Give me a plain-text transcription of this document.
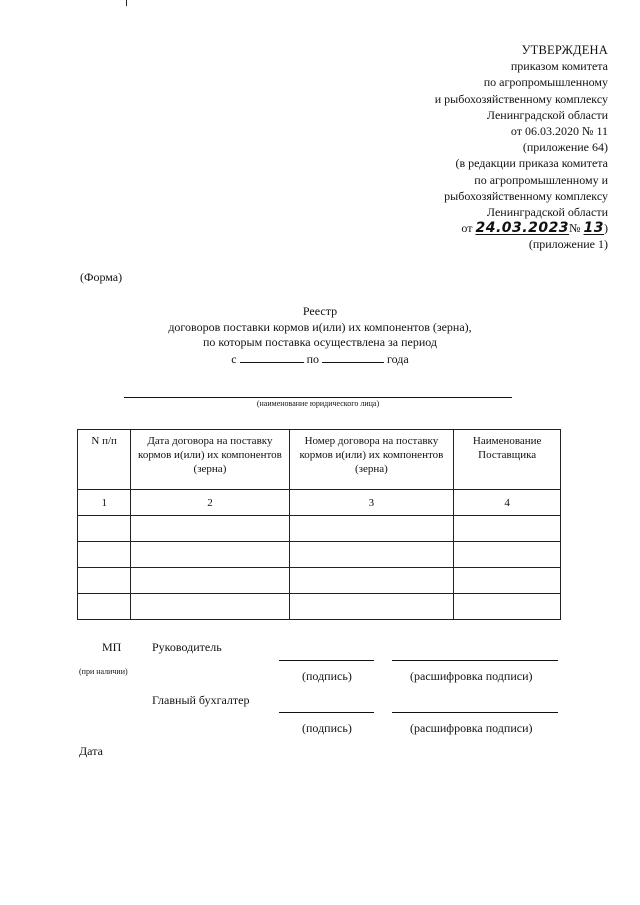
УТВЕРЖДЕНА
приказом комитета
по агропромышленному
и рыбохозяйственному комплексу
Ленинградской области
от 06.03.2020 № 11
(приложение 64)
(в редакции приказа комитета
по агропромышленному и
рыбохозяйственному комплексу
Ленинградской области
от 24.03.2023№ 13)
(приложение 1)
(Форма)
Реестр
договоров поставки кормов и(или) их компонентов (зерна),
по которым поставка осуществлена за период
с	по	года
(наименование юридического лица)
N п/п	Дата договора на поставку кормов и(или) их компонентов (зерна)	Номер договора на поставку кормов и(или) их компонентов (зерна)	Наименование Поставщика
1	2	3	4

МП	Руководитель
(при наличии)	(подпись)	(расшифровка подписи)
Главный бухгалтер
(подпись)	(расшифровка подписи)
Дата
